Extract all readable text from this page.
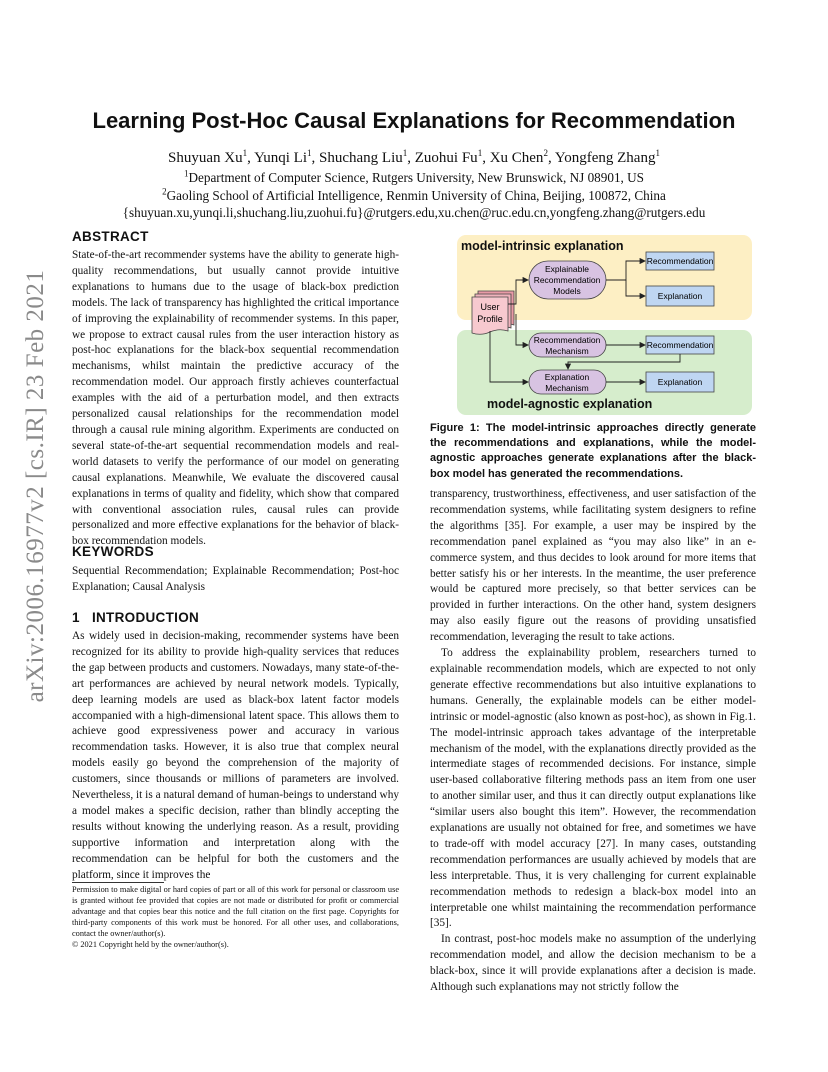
arXiv:2006.16977v2 [cs.IR] 23 Feb 2021
Learning Post-Hoc Causal Explanations for Recommendation
Shuyuan Xu$^1$, Yunqi Li$^1$, Shuchang Liu$^1$, Zuohui Fu$^1$, Xu Chen$^2$, Yongfeng Zhang$^1$
$^1$Department of Computer Science, Rutgers University, New Brunswick, NJ 08901, US
$^2$Gaoling School of Artificial Intelligence, Renmin University of China, Beijing, 100872, China
{shuyuan.xu,yunqi.li,shuchang.liu,zuohui.fu}@rutgers.edu,xu.chen@ruc.edu.cn,yongfeng.zhang@rutgers.edu
ABSTRACT

State-of-the-art recommender systems have the ability to generate high-quality recommendations, but usually cannot provide intuitive explanations to humans due to the usage of black-box prediction models. The lack of transparency has highlighted the critical importance of improving the explainability of recommender systems. In this paper, we propose to extract causal rules from the user interaction history as post-hoc explanations for the black-box sequential recommendation mechanisms, whilst maintain the predictive accuracy of the recommendation model. Our approach firstly achieves counterfactual examples with the aid of a perturbation model, and then extracts personalized causal relationships for the recommendation model through a causal rule mining algorithm. Experiments are conducted on several state-of-the-art sequential recommendation models and real-world datasets to verify the performance of our model on generating causal explanations. Meanwhile, We evaluate the discovered causal explanations in terms of quality and fidelity, which show that compared with conventional association rules, causal rules can provide personalized and more effective explanations for the behavior of black-box recommendation models.

KEYWORDS

Sequential Recommendation; Explainable Recommendation; Post-hoc Explanation; Causal Analysis

1   INTRODUCTION

As widely used in decision-making, recommender systems have been recognized for its ability to provide high-quality services that reduces the gap between products and customers. Nowadays, many state-of-the-art performances are achieved by neural network models. Typically, deep learning models are used as black-box latent factor models accompanied with a high-dimensional latent space. This allows them to achieve good expressiveness power and accuracy in various recommendation tasks. However, it is also true that complex neural models easily go beyond the comprehension of the majority of customers, since thousands or millions of parameters are involved. Nevertheless, it is a natural demand of human-beings to understand why a model makes a specific decision, rather than blindly accepting the results without knowing the underlying reason. As a result, providing supportive information and interpretation along with the recommendation can be helpful for both the customers and the platform, since it improves the

Permission to make digital or hard copies of part or all of this work for personal or classroom use is granted without fee provided that copies are not made or distributed for profit or commercial advantage and that copies bear this notice and the full citation on the first page. Copyrights for third-party components of this work must be honored. For all other uses, and collaborations, contact the owner/author(s).
© 2021 Copyright held by the owner/author(s).
model-intrinsic explanation
model-agnostic explanation
User
Profile
Explainable
Recommendation
Models
Recommendation
Mechanism
Explanation
Mechanism
Recommendation
Explanation
Recommendation
Explanation

Figure 1: The model-intrinsic approaches directly generate the recommendations and explanations, while the model-agnostic approaches generate explanations after the black-box model has generated the recommendations.

transparency, trustworthiness, effectiveness, and user satisfaction of the recommendation systems, while facilitating system designers to refine the algorithms [35]. For example, a user may be inspired by the recommendation panel explained as “you may also like” in an e-commerce system, and thus decides to look around for more items that better satisfy his or her interests. In the meantime, the user preference would be captured more precisely, so that better services can be provided in further interactions. On the other hand, system designers may also easily figure out the reasons of providing unsatisfied recommendation, leveraging the result to take actions.

To address the explainability problem, researchers turned to explainable recommendation models, which are expected to not only generate effective recommendations but also intuitive explanations to humans. Generally, the explainable models can be either model-intrinsic or model-agnostic (also known as post-hoc), as shown in Fig.1. The model-intrinsic approach takes advantage of the interpretable mechanism of the model, with the explanations directly provided as the intermediate stages of recommended decisions. For instance, simple user-based collaborative filtering methods pass an item from one user to another similar user, and thus it can directly output explanations like “similar users also bought this item”. However, the recommendation explanations are usually not obtained for free, and sometimes we have to trade-off with model accuracy [27]. In many cases, outstanding recommendation performances are usually achieved by models that are less interpretable. Thus, it is very challenging for current explainable recommendation methods to redesign a black-box model into an interpretable one whilst maintaining the recommendation performance [35].

In contrast, post-hoc models make no assumption of the underlying recommendation model, and allow the decision mechanism to be a black-box, since it will provide explanations after a decision is made. Although such explanations may not strictly follow the
